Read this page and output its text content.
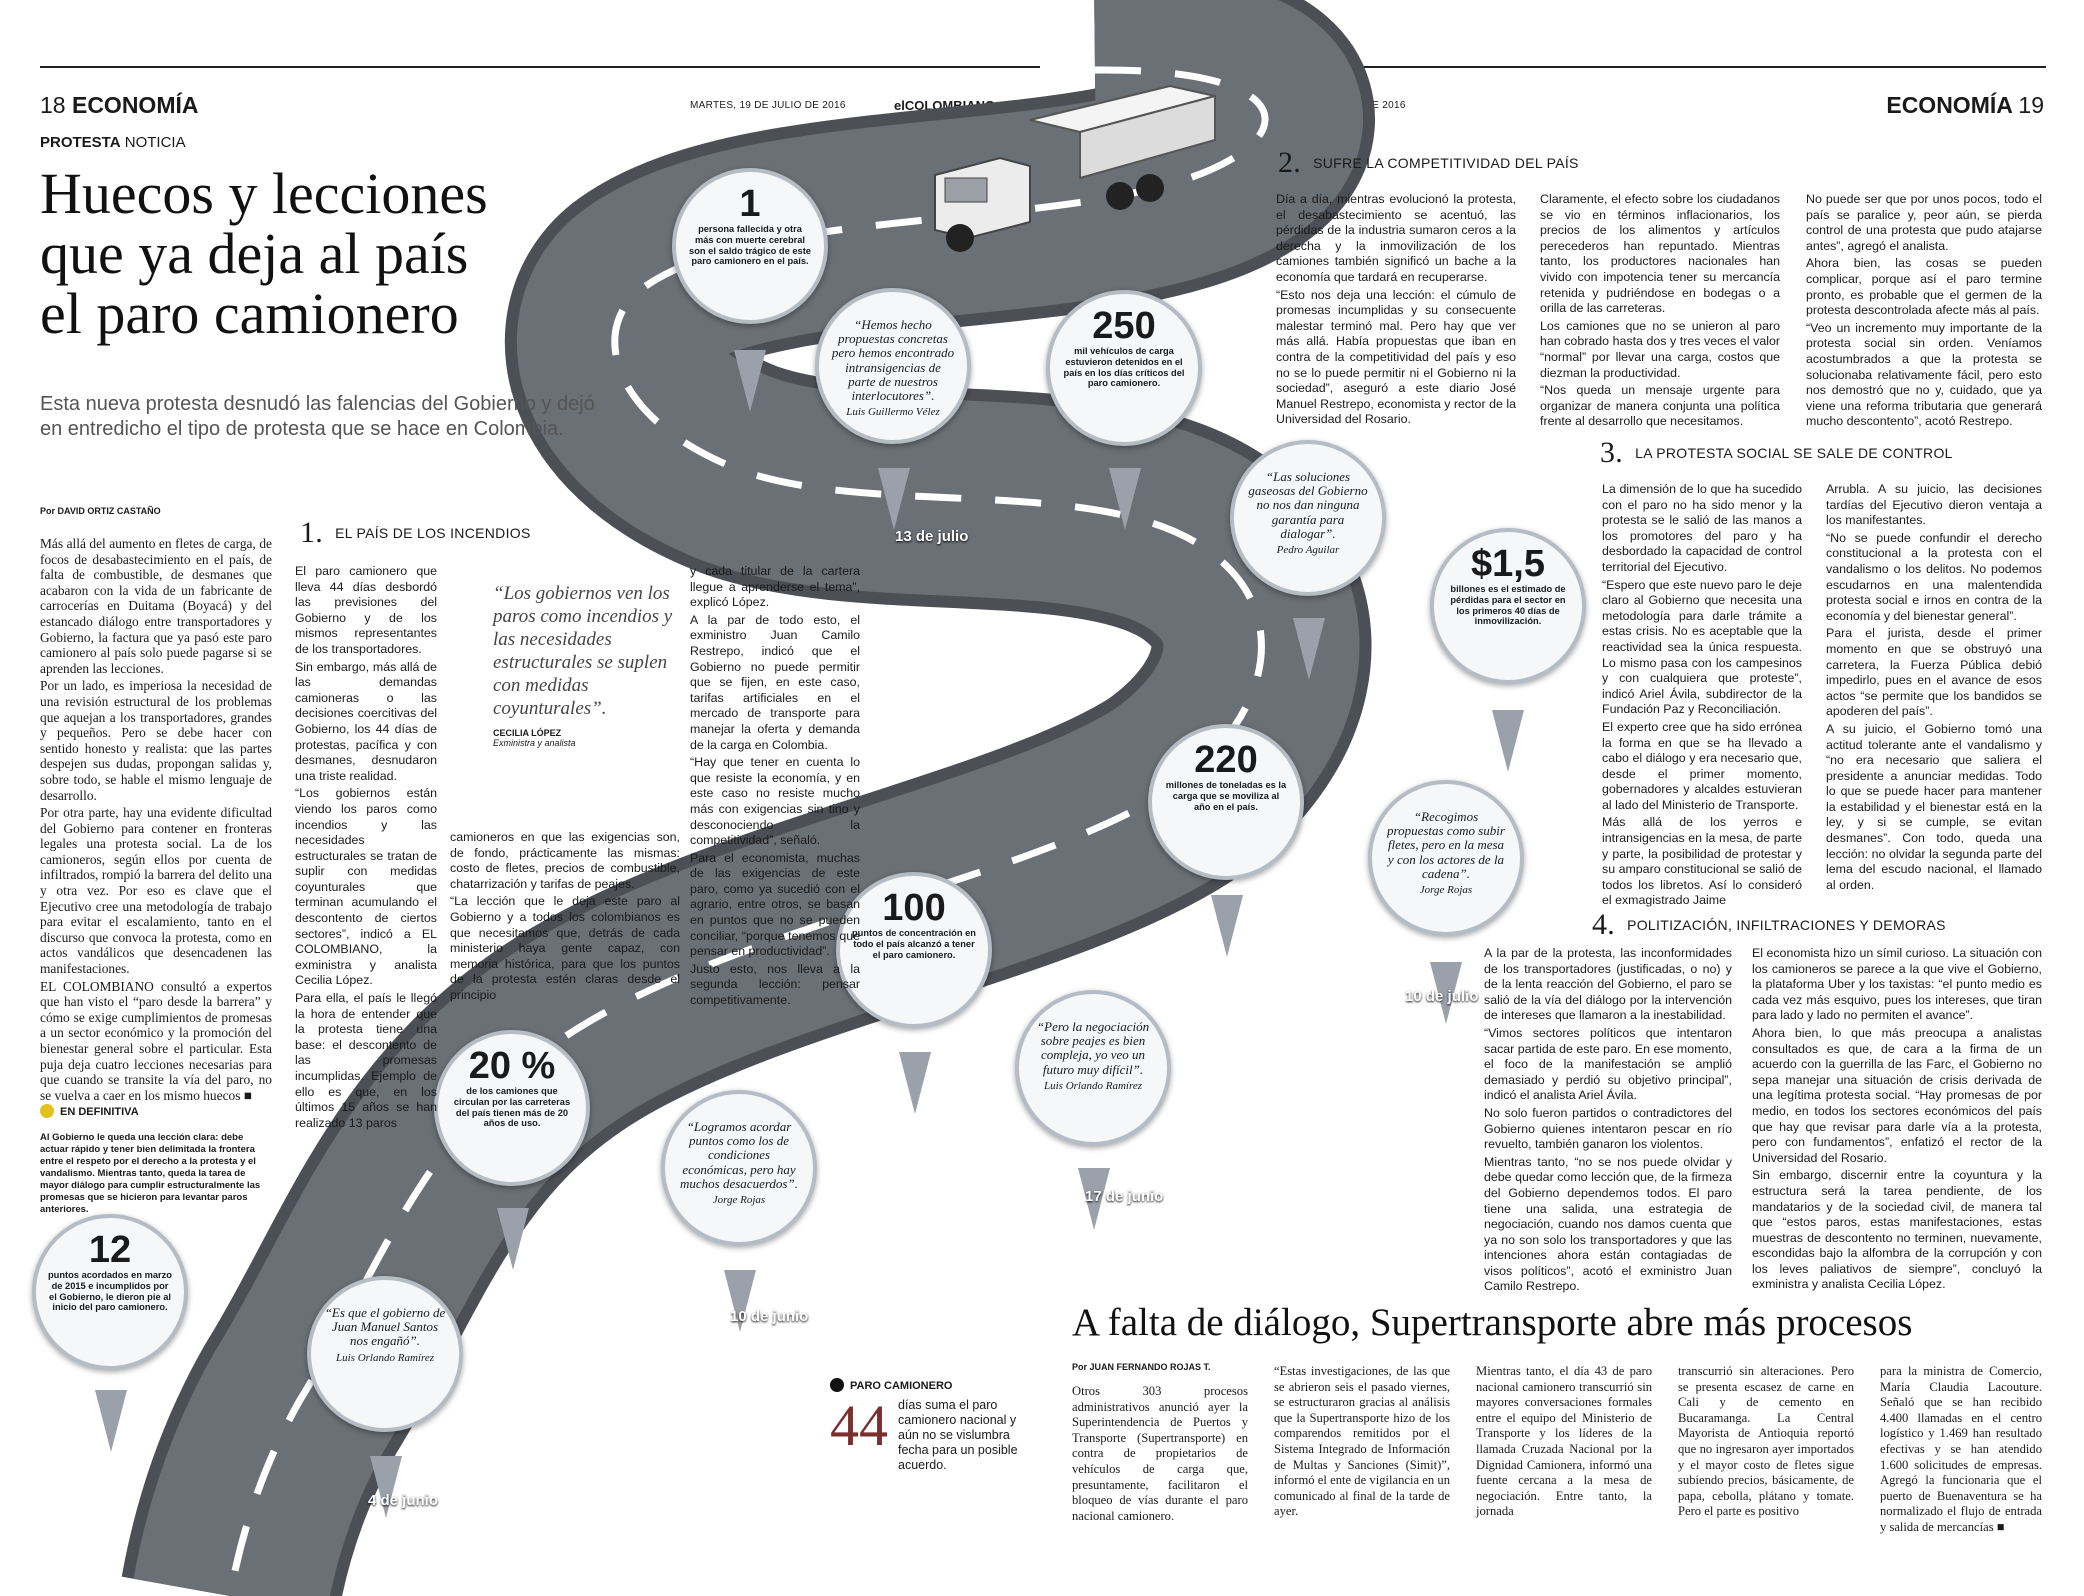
18 ECONOMÍA	MARTES, 19 DE JULIO DE 2016	elCOLOMBIANO	MARTES, 19 DE JULIO DE 2016	ECONOMÍA 19
1
persona fallecida y otra más con muerte cerebral son el saldo trágico de este paro camionero en el país.
250
mil vehículos de carga estuvieron detenidos en el país en los días críticos del paro camionero.
$1,5
billones es el estimado de pérdidas para el sector en los primeros 40 días de inmovilización.
220
millones de toneladas es la carga que se moviliza al año en el país.
100
puntos de concentración en todo el país alcanzó a tener el paro camionero.
20 %
de los camiones que circulan por las carreteras del país tienen más de 20 años de uso.
12
puntos acordados en marzo de 2015 e incumplidos por el Gobierno, le dieron pie al inicio del paro camionero.
“Hemos hecho propuestas concretas pero hemos encontrado intransigencias de parte de nuestros interlocutores”.
Luis Guillermo Vélez
“Las soluciones gaseosas del Gobierno no nos dan ninguna garantía para dialogar”.
Pedro Aguilar
“Recogimos propuestas como subir fletes, pero en la mesa y con los actores de la cadena”.
Jorge Rojas
“Pero la negociación sobre peajes es bien compleja, yo veo un futuro muy difícil”.
Luis Orlando Ramírez
“Logramos acordar puntos como los de condiciones económicas, pero hay muchos desacuerdos”.
Jorge Rojas
“Es que el gobierno de Juan Manuel Santos nos engañó”.
Luis Orlando Ramírez
13 de julio
10 de julio
17 de junio
10 de junio
4 de junio
PROTESTA NOTICIA
Huecos y lecciones
que ya deja al país
el paro camionero
Esta nueva protesta desnudó las falencias del Gobierno y dejó en entredicho el tipo de protesta que se hace en Colombia.
Por DAVID ORTIZ CASTAÑO

Más allá del aumento en fletes de carga, de focos de desabastecimiento en el país, de falta de combustible, de desmanes que acabaron con la vida de un fabricante de carrocerías en Duitama (Boyacá) y del estancado diálogo entre transportadores y Gobierno, la factura que ya pasó este paro camionero al país solo puede pagarse si se aprenden las lecciones.

Por un lado, es imperiosa la necesidad de una revisión estructural de los problemas que aquejan a los transportadores, grandes y pequeños. Pero se debe hacer con sentido honesto y realista: que las partes despejen sus dudas, propongan salidas y, sobre todo, se hable el mismo lenguaje de desarrollo.

Por otra parte, hay una evidente dificultad del Gobierno para contener en fronteras legales una protesta social. La de los camioneros, según ellos por cuenta de infiltrados, rompió la barrera del delito una y otra vez. Por eso es clave que el Ejecutivo cree una metodología de trabajo para evitar el escalamiento, tanto en el discurso que convoca la protesta, como en actos vandálicos que desencadenen las manifestaciones.

EL COLOMBIANO consultó a expertos que han visto el “paro desde la barrera” y cómo se exige cumplimientos de promesas a un sector económico y la promoción del bienestar general sobre el particular. Esta puja deja cuatro lecciones necesarias para que cuando se transite la vía del paro, no se vuelva a caer en los mismo huecos ■

EN DEFINITIVA
Al Gobierno le queda una lección clara: debe actuar rápido y tener bien delimitada la frontera entre el respeto por el derecho a la protesta y el vandalismo. Mientras tanto, queda la tarea de mayor diálogo para cumplir estructuralmente las promesas que se hicieron para levantar paros anteriores.
1. EL PAÍS DE LOS INCENDIOS

El paro camionero que lleva 44 días desbordó las previsiones del Gobierno y de los mismos representantes de los transportadores.

Sin embargo, más allá de las demandas camioneras o las decisiones coercitivas del Gobierno, los 44 días de protestas, pacífica y con desmanes, desnudaron una triste realidad.

“Los gobiernos están viendo los paros como incendios y las necesidades estructurales se tratan de suplir con medidas coyunturales que terminan acumulando el descontento de ciertos sectores”, indicó a EL COLOMBIANO, la exministra y analista Cecilia López.

Para ella, el país le llegó la hora de entender que la protesta tiene una base: el descontento de las promesas incumplidas. Ejemplo de ello es que, en los últimos 15 años se han realizado 13 paros

“Los gobiernos ven los paros como incendios y las necesidades estructurales se suplen con medidas coyunturales”.
CECILIA LÓPEZ
Exministra y analista

camioneros en que las exigencias son, de fondo, prácticamente las mismas: costo de fletes, precios de combustible, chatarrización y tarifas de peajes.

“La lección que le deja este paro al Gobierno y a todos los colombianos es que necesitamos que, detrás de cada ministerio haya gente capaz, con memoria histórica, para que los puntos de la protesta estén claras desde el principio

y cada titular de la cartera llegue a aprenderse el tema”, explicó López.

A la par de todo esto, el exministro Juan Camilo Restrepo, indicó que el Gobierno no puede permitir que se fijen, en este caso, tarifas artificiales en el mercado de transporte para manejar la oferta y demanda de la carga en Colombia.

“Hay que tener en cuenta lo que resiste la economía, y en este caso no resiste mucho más con exigencias sin tino y desconociendo la competitividad”, señaló.

Para el economista, muchas de las exigencias de este paro, como ya sucedió con el agrario, entre otros, se basan en puntos que no se pueden conciliar, “porque tenemos que pensar en productividad”.

Justo esto, nos lleva a la segunda lección: pensar competitivamente.

2. SUFRE LA COMPETITIVIDAD DEL PAÍS

Día a día, mientras evolucionó la protesta, el desabastecimiento se acentuó, las pérdidas de la industria sumaron ceros a la derecha y la inmovilización de los camiones también significó un bache a la economía que tardará en recuperarse.

“Esto nos deja una lección: el cúmulo de promesas incumplidas y su consecuente malestar terminó mal. Pero hay que ver más allá. Había propuestas que iban en contra de la competitividad del país y eso no se lo puede permitir ni el Gobierno ni la sociedad”, aseguró a este diario José Manuel Restrepo, economista y rector de la Universidad del Rosario.

Claramente, el efecto sobre los ciudadanos se vio en términos inflacionarios, los precios de los alimentos y artículos perecederos han repuntado. Mientras tanto, los productores nacionales han vivido con impotencia tener su mercancía retenida y pudriéndose en bodegas o a orilla de las carreteras.

Los camiones que no se unieron al paro han cobrado hasta dos y tres veces el valor “normal” por llevar una carga, costos que diezman la productividad.

“Nos queda un mensaje urgente para organizar de manera conjunta una política frente al desarrollo que necesitamos.

No puede ser que por unos pocos, todo el país se paralice y, peor aún, se pierda control de una protesta que pudo atajarse antes”, agregó el analista.

Ahora bien, las cosas se pueden complicar, porque así el paro termine pronto, es probable que el germen de la protesta descontrolada afecte más al país.

“Veo un incremento muy importante de la protesta social sin orden. Veníamos acostumbrados a que la protesta se solucionaba relativamente fácil, pero esto nos demostró que no y, cuidado, que ya viene una reforma tributaria que generará mucho descontento”, acotó Restrepo.

3. LA PROTESTA SOCIAL SE SALE DE CONTROL

La dimensión de lo que ha sucedido con el paro no ha sido menor y la protesta se le salió de las manos a los promotores del paro y ha desbordado la capacidad de control territorial del Ejecutivo.

“Espero que este nuevo paro le deje claro al Gobierno que necesita una metodología para darle trámite a estas crisis. No es aceptable que la reactividad sea la única respuesta. Lo mismo pasa con los campesinos y con cualquiera que proteste”, indicó Ariel Ávila, subdirector de la Fundación Paz y Reconciliación.

El experto cree que ha sido errónea la forma en que se ha llevado a cabo el diálogo y era necesario que, desde el primer momento, gobernadores y alcaldes estuvieran al lado del Ministerio de Transporte.

Más allá de los yerros e intransigencias en la mesa, de parte y parte, la posibilidad de protestar y su amparo constitucional se salió de todos los libretos. Así lo consideró el exmagistrado Jaime

Arrubla. A su juicio, las decisiones tardías del Ejecutivo dieron ventaja a los manifestantes.

“No se puede confundir el derecho constitucional a la protesta con el vandalismo o los delitos. No podemos escudarnos en una malentendida protesta social e irnos en contra de la economía y del bienestar general”.

Para el jurista, desde el primer momento en que se obstruyó una carretera, la Fuerza Pública debió impedirlo, pues en el avance de esos actos “se permite que los bandidos se apoderen del país”.

A su juicio, el Gobierno tomó una actitud tolerante ante el vandalismo y “no era necesario que saliera el presidente a anunciar medidas. Todo lo que se puede hacer para mantener la estabilidad y el bienestar está en la ley, y si se cumple, se evitan desmanes”. Con todo, queda una lección: no olvidar la segunda parte del lema del escudo nacional, el llamado al orden.

4. POLITIZACIÓN, INFILTRACIONES Y DEMORAS

A la par de la protesta, las inconformidades de los transportadores (justificadas, o no) y de la lenta reacción del Gobierno, el paro se salió de la vía del diálogo por la intervención de intereses que llamaron a la inestabilidad.

“Vimos sectores políticos que intentaron sacar partida de este paro. En ese momento, el foco de la manifestación se amplió demasiado y perdió su objetivo principal”, indicó el analista Ariel Ávila.

No solo fueron partidos o contradictores del Gobierno quienes intentaron pescar en río revuelto, también ganaron los violentos.

Mientras tanto, “no se nos puede olvidar y debe quedar como lección que, de la firmeza del Gobierno dependemos todos. El paro tiene una salida, una estrategia de negociación, cuando nos damos cuenta que ya no son solo los transportadores y que las intenciones ahora están contagiadas de visos políticos”, acotó el exministro Juan Camilo Restrepo.

El economista hizo un símil curioso. La situación con los camioneros se parece a la que vive el Gobierno, la plataforma Uber y los taxistas: “el punto medio es cada vez más esquivo, pues los intereses, que tiran para lado y lado no permiten el avance”.

Ahora bien, lo que más preocupa a analistas consultados es que, de cara a la firma de un acuerdo con la guerrilla de las Farc, el Gobierno no sepa manejar una situación de crisis derivada de una legítima protesta social. “Hay promesas de por medio, en todos los sectores económicos del país que hay que revisar para darle vía a la protesta, pero con fundamentos”, enfatizó el rector de la Universidad del Rosario.

Sin embargo, discernir entre la coyuntura y la estructura será la tarea pendiente, de los mandatarios y de la sociedad civil, de manera tal que “estos paros, estas manifestaciones, estas muestras de descontento no terminen, nuevamente, escondidas bajo la alfombra de la corrupción y con los leves paliativos de siempre”, concluyó la exministra y analista Cecilia López.

A falta de diálogo, Supertransporte abre más procesos
Por JUAN FERNANDO ROJAS T.
PARO CAMIONERO
44 días suma el paro camionero nacional y aún no se vislumbra fecha para un posible acuerdo.
Otros 303 procesos administrativos anunció ayer la Superintendencia de Puertos y Transporte (Supertransporte) en contra de propietarios de vehículos de carga que, presuntamente, facilitaron el bloqueo de vías durante el paro nacional camionero.
“Estas investigaciones, de las que se abrieron seis el pasado viernes, se estructuraron gracias al análisis que la Supertransporte hizo de los comparendos remitidos por el Sistema Integrado de Información de Multas y Sanciones (Simit)”, informó el ente de vigilancia en un comunicado al final de la tarde de ayer.
Mientras tanto, el día 43 de paro nacional camionero transcurrió sin mayores conversaciones formales entre el equipo del Ministerio de Transporte y los líderes de la llamada Cruzada Nacional por la Dignidad Camionera, informó una fuente cercana a la mesa de negociación. Entre tanto, la jornada
transcurrió sin alteraciones. Pero se presenta escasez de carne en Cali y de cemento en Bucaramanga. La Central Mayorista de Antioquia reportó que no ingresaron ayer importados y el mayor costo de fletes sigue subiendo precios, básicamente, de papa, cebolla, plátano y tomate. Pero el parte es positivo
para la ministra de Comercio, María Claudia Lacouture. Señaló que se han recibido 4.400 llamadas en el centro logístico y 1.469 han resultado efectivas y se han atendido 1.600 solicitudes de empresas. Agregó la funcionaria que el puerto de Buenaventura se ha normalizado el flujo de entrada y salida de mercancías ■
